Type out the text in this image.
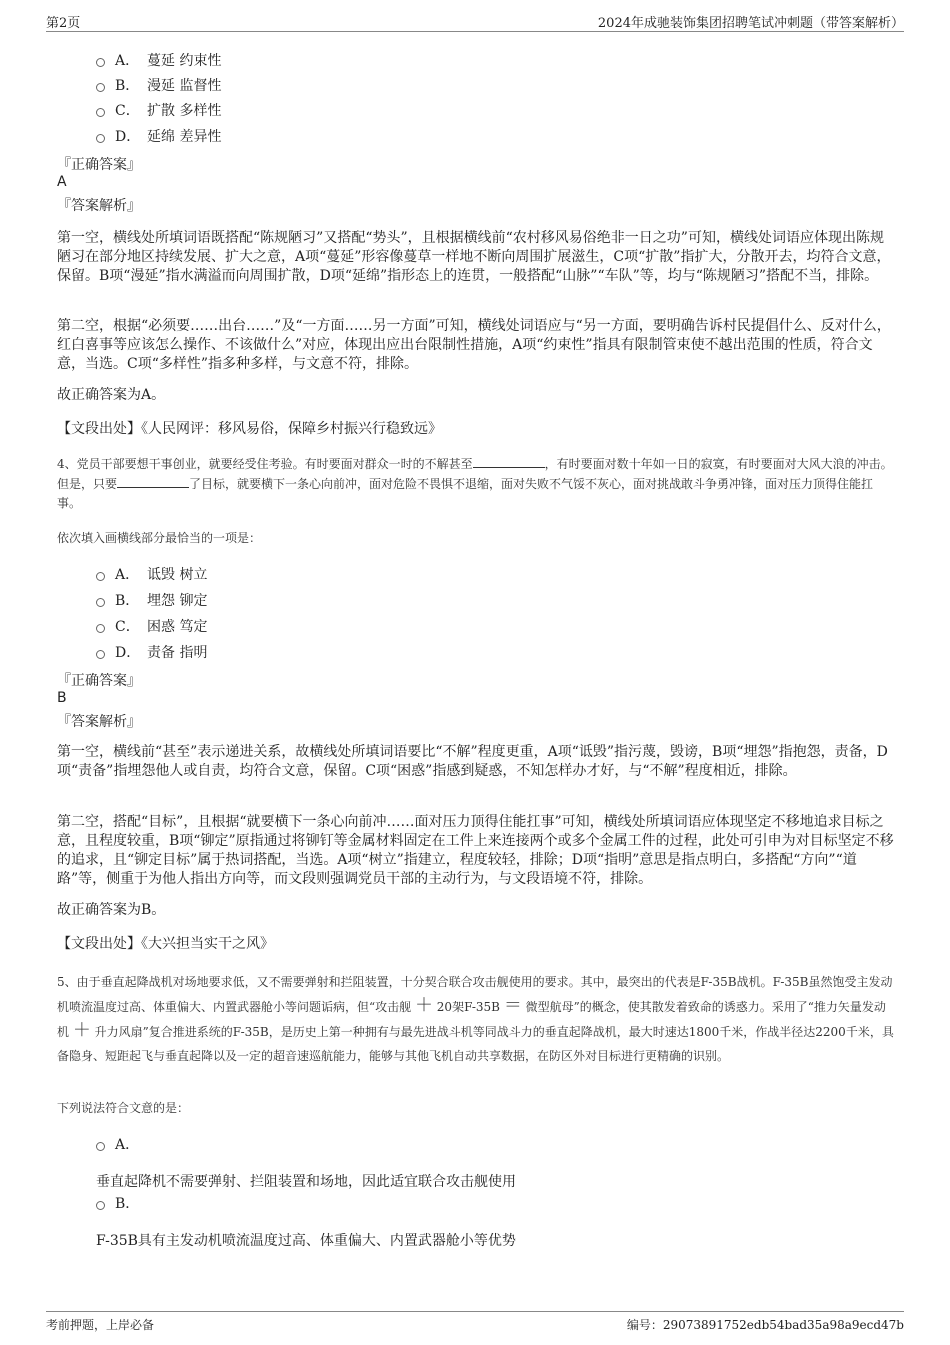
第2页	2024年成驰装饰集团招聘笔试冲刺题（带答案解析）
A． 蔓延 约束性
B． 漫延 监督性
C． 扩散 多样性
D． 延绵 差异性
『正确答案』
A
『答案解析』

第一空，横线处所填词语既搭配“陈规陋习”又搭配“势头”，且根据横线前“农村移风易俗绝非一日之功”可知，横线处词语应体现出陈规陋习在部分地区持续发展、扩大之意，A项“蔓延”形容像蔓草一样地不断向周围扩展滋生，C项“扩散”指扩大，分散开去，均符合文意，保留。B项“漫延”指水满溢而向周围扩散，D项“延绵”指形态上的连贯，一般搭配“山脉”“车队”等，均与“陈规陋习”搭配不当，排除。

第二空，根据“必须要……出台……”及“一方面……另一方面”可知，横线处词语应与“另一方面，要明确告诉村民提倡什么、反对什么，红白喜事等应该怎么操作、不该做什么”对应，体现出应出台限制性措施，A项“约束性”指具有限制管束使不越出范围的性质，符合文意，当选。C项“多样性”指多种多样，与文意不符，排除。

故正确答案为A。

【文段出处】《人民网评：移风易俗，保障乡村振兴行稳致远》

4、党员干部要想干事创业，就要经受住考验。有时要面对群众一时的不解甚至	，有时要面对数十年如一日的寂寞，有时要面对大风大浪的冲击。但是，只要	了目标，就要横下一条心向前冲，面对危险不畏惧不退缩，面对失败不气馁不灰心，面对挑战敢斗争勇冲锋，面对压力顶得住能扛事。

依次填入画横线部分最恰当的一项是：

A． 诋毁 树立
B． 埋怨 铆定
C． 困惑 笃定
D． 责备 指明
『正确答案』
B
『答案解析』

第一空，横线前“甚至”表示递进关系，故横线处所填词语要比“不解”程度更重，A项“诋毁”指污蔑，毁谤，B项“埋怨”指抱怨，责备，D项“责备”指埋怨他人或自责，均符合文意，保留。C项“困惑”指感到疑惑，不知怎样办才好，与“不解”程度相近，排除。

第二空，搭配“目标”，且根据“就要横下一条心向前冲……面对压力顶得住能扛事”可知，横线处所填词语应体现坚定不移地追求目标之意，且程度较重，B项“铆定”原指通过将铆钉等金属材料固定在工件上来连接两个或多个金属工件的过程，此处可引申为对目标坚定不移的追求，且“铆定目标”属于热词搭配，当选。A项“树立”指建立，程度较轻，排除；D项“指明”意思是指点明白，多搭配“方向”“道路”等，侧重于为他人指出方向等，而文段则强调党员干部的主动行为，与文段语境不符，排除。

故正确答案为B。

【文段出处】《大兴担当实干之风》

5、由于垂直起降战机对场地要求低，又不需要弹射和拦阻装置，十分契合联合攻击舰使用的要求。其中，最突出的代表是F-35B战机。F-35B虽然饱受主发动机喷流温度过高、体重偏大、内置武器舱小等问题诟病，但“攻击舰 ＋ 20架F-35B ＝ 微型航母”的概念，使其散发着致命的诱惑力。采用了“推力矢量发动机 ＋ 升力风扇”复合推进系统的F-35B，是历史上第一种拥有与最先进战斗机等同战斗力的垂直起降战机，最大时速达1800千米，作战半径达2200千米，具备隐身、短距起飞与垂直起降以及一定的超音速巡航能力，能够与其他飞机自动共享数据，在防区外对目标进行更精确的识别。

下列说法符合文意的是：

A．
垂直起降机不需要弹射、拦阻装置和场地，因此适宜联合攻击舰使用
B．
F-35B具有主发动机喷流温度过高、体重偏大、内置武器舱小等优势
考前押题，上岸必备	编号：29073891752edb54bad35a98a9ecd47b
